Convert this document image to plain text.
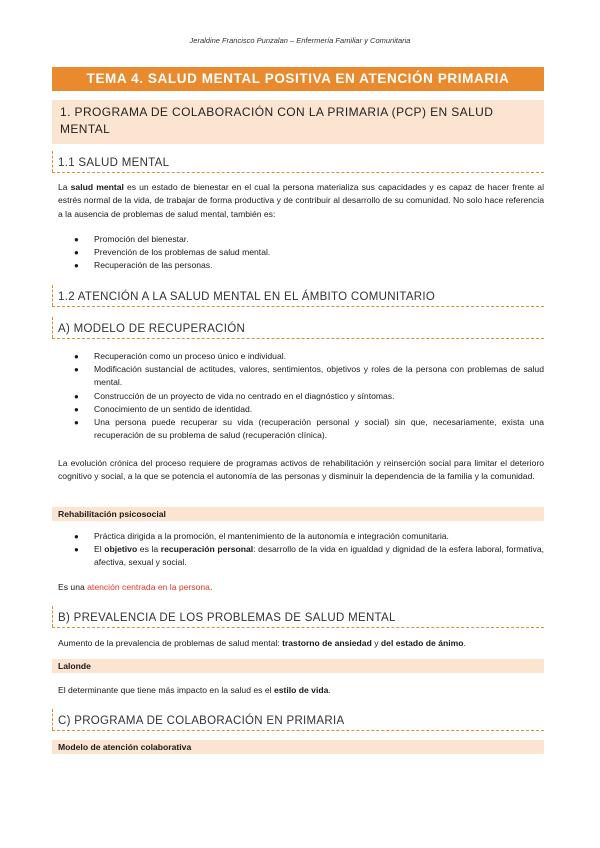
Jeraldine Francisco Punzalan – Enfermería Familiar y Comunitaria
TEMA 4. SALUD MENTAL POSITIVA EN ATENCIÓN PRIMARIA
1. PROGRAMA DE COLABORACIÓN CON LA PRIMARIA (PCP) EN SALUD MENTAL
1.1 SALUD MENTAL
La salud mental es un estado de bienestar en el cual la persona materializa sus capacidades y es capaz de hacer frente al estrés normal de la vida, de trabajar de forma productiva y de contribuir al desarrollo de su comunidad. No solo hace referencia a la ausencia de problemas de salud mental, también es:
● Promoción del bienestar.
● Prevención de los problemas de salud mental.
● Recuperación de las personas.
1.2 ATENCIÓN A LA SALUD MENTAL EN EL ÁMBITO COMUNITARIO
A) MODELO DE RECUPERACIÓN
● Recuperación como un proceso único e individual.
● Modificación sustancial de actitudes, valores, sentimientos, objetivos y roles de la persona con problemas de salud mental.
● Construcción de un proyecto de vida no centrado en el diagnóstico y síntomas.
● Conocimiento de un sentido de identidad.
● Una persona puede recuperar su vida (recuperación personal y social) sin que, necesariamente, exista una recuperación de su problema de salud (recuperación clínica).
La evolución crónica del proceso requiere de programas activos de rehabilitación y reinserción social para limitar el deterioro cognitivo y social, a la que se potencia el autonomía de las personas y disminuir la dependencia de la familia y la comunidad.
Rehabilitación psicosocial
● Práctica dirigida a la promoción, el mantenimiento de la autonomía e integración comunitaria.
● El objetivo es la recuperación personal: desarrollo de la vida en igualdad y dignidad de la esfera laboral, formativa, afectiva, sexual y social.
Es una atención centrada en la persona.
B) PREVALENCIA DE LOS PROBLEMAS DE SALUD MENTAL
Aumento de la prevalencia de problemas de salud mental: trastorno de ansiedad y del estado de ánimo.
Lalonde
El determinante que tiene más impacto en la salud es el estilo de vida.
C) PROGRAMA DE COLABORACIÓN EN PRIMARIA
Modelo de atención colaborativa
